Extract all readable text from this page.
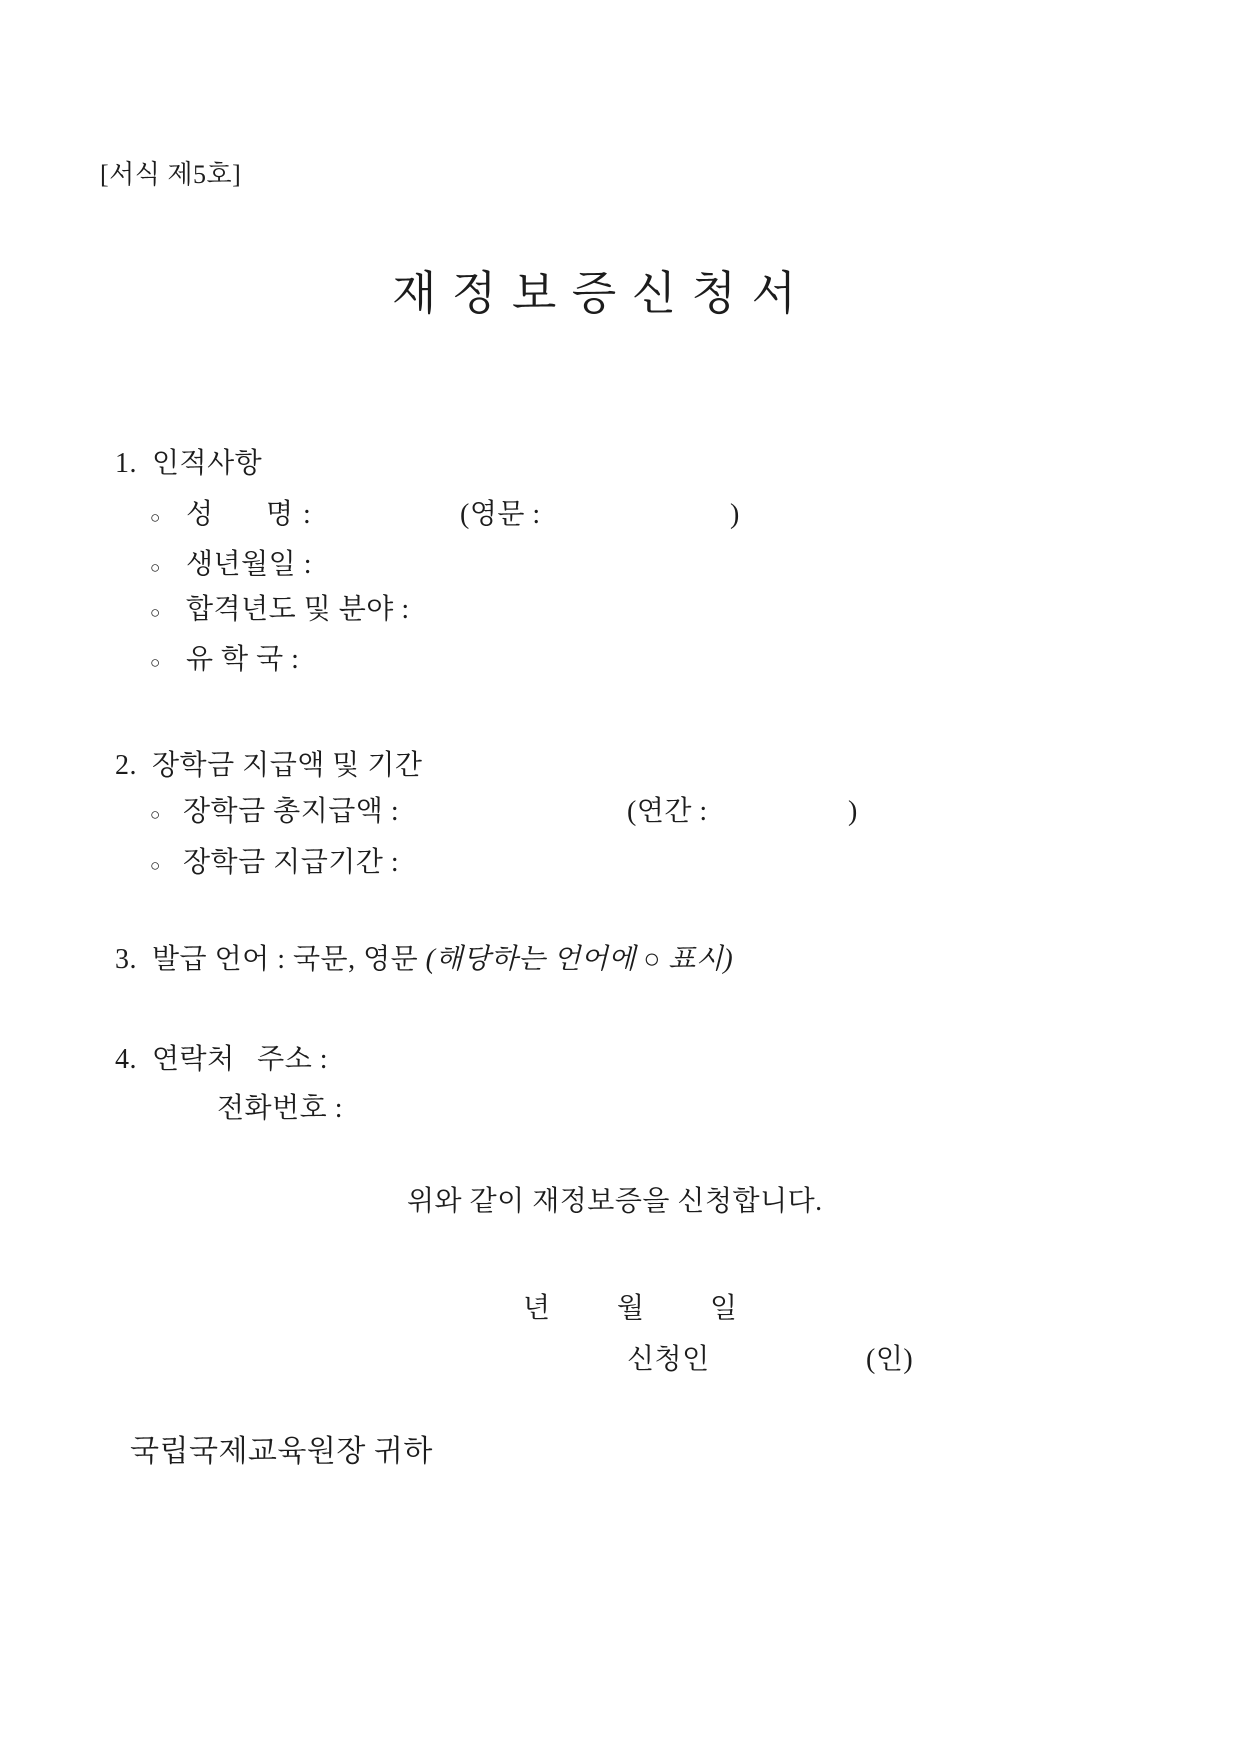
[서식 제5호]
재 정 보 증 신 청 서
1.  인적사항
○ 성 명 :	(영문 :	)
○ 생년월일 :
○ 합격년도 및 분야 :
○ 유 학 국 :
2.  장학금 지급액 및 기간
○ 장학금 총지급액 :	(연간 :	)
○ 장학금 지급기간 :
3.  발급 언어 : 국문, 영문 (해당하는 언어에 ○ 표시)
4.  연락처   주소 :
전화번호 :
위와 같이 재정보증을 신청합니다.
년 월 일
신청인	(인)
국립국제교육원장 귀하
